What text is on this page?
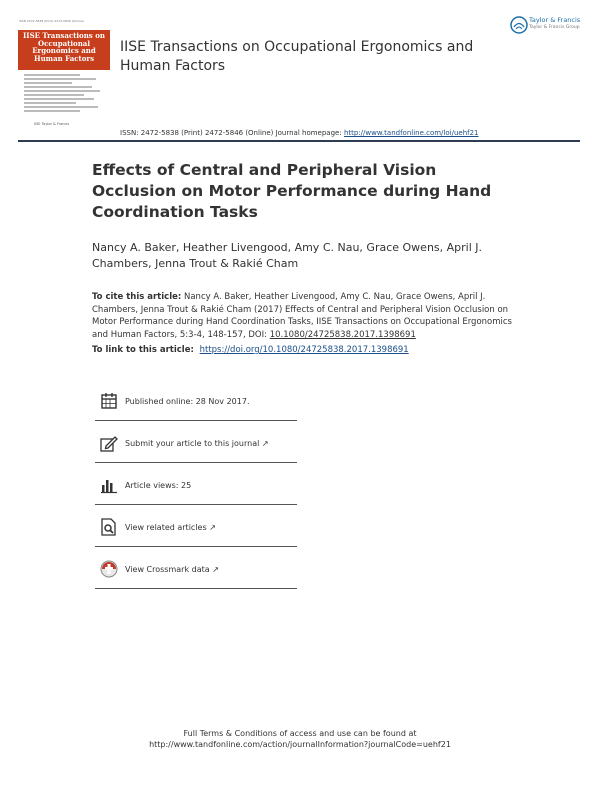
ISSN 2472-5838 (Print) 2472-5846 (Online)
IISE Transactions on Occupational Ergonomics and Human Factors
IISE Taylor & Francis
IISE Transactions on Occupational Ergonomics and Human Factors
Taylor & Francis
Taylor & Francis Group
ISSN: 2472-5838 (Print) 2472-5846 (Online) Journal homepage: http://www.tandfonline.com/loi/uehf21
Effects of Central and Peripheral Vision Occlusion on Motor Performance during Hand Coordination Tasks
Nancy A. Baker, Heather Livengood, Amy C. Nau, Grace Owens, April J. Chambers, Jenna Trout & Rakié Cham
To cite this article: Nancy A. Baker, Heather Livengood, Amy C. Nau, Grace Owens, April J. Chambers, Jenna Trout & Rakié Cham (2017) Effects of Central and Peripheral Vision Occlusion on Motor Performance during Hand Coordination Tasks, IISE Transactions on Occupational Ergonomics and Human Factors, 5:3-4, 148-157, DOI: 10.1080/24725838.2017.1398691
To link to this article: https://doi.org/10.1080/24725838.2017.1398691
Published online: 28 Nov 2017.
Submit your article to this journal ↗
Article views: 25
View related articles ↗
View Crossmark data ↗
Full Terms & Conditions of access and use can be found at
http://www.tandfonline.com/action/journalInformation?journalCode=uehf21
